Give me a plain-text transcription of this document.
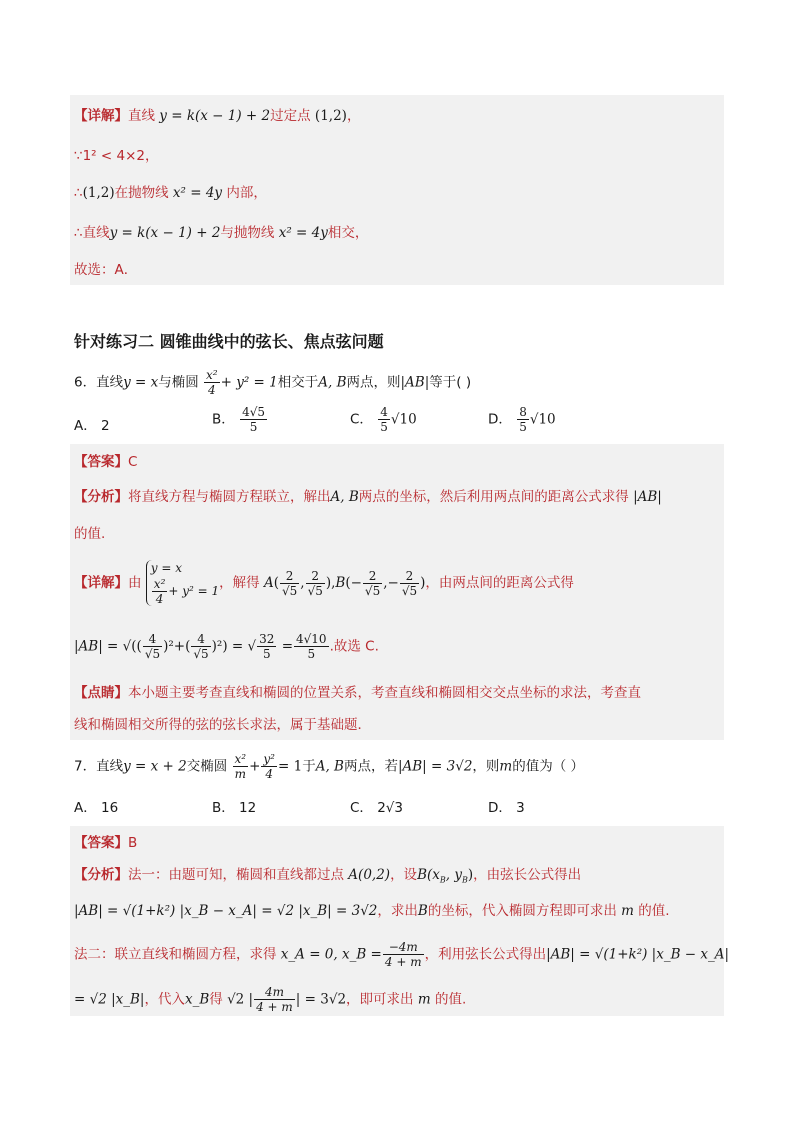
【详解】直线 y = k(x − 1) + 2过定点 (1,2)，
∵1² < 4×2，
∴(1,2)在抛物线 x² = 4y 内部，
∴直线y = k(x − 1) + 2与抛物线 x² = 4y相交，
故选：A．
针对练习二 圆锥曲线中的弦长、焦点弦问题
6．直线y = x与椭圆 $\frac{\text{x²}}{4} + y^2 = 1$相交于A, B两点，则|AB|等于( )
A． 2	B． $\frac{4√5}{5}$	C． $\frac{4}{5} √10$	D． $\frac{8}{5} √10$
【答案】C
【分析】将直线方程与椭圆方程联立，解出A, B两点的坐标，然后利用两点间的距离公式求得 |AB|
的值.
【详解】由
y = x
$\frac{\text{x²}}{4} + y^2 = 1$ ，解得 $A( \frac{2}{√5}$ , $\frac{2}{√5} ),B(- \frac{2}{√5}$ ,− $\frac{2}{√5}$ )，由两点间的距离公式得
|AB| = √(( $\frac{4}{√5} )^2+( \frac{4}{√5} )^2$) = √ $\frac{32}{5} = \frac{4√10}{5}$ .故选 C.
【点睛】本小题主要考查直线和椭圆的位置关系，考查直线和椭圆相交交点坐标的求法，考查直
线和椭圆相交所得的弦的弦长求法，属于基础题．
7．直线y = x + 2交椭圆 $\frac{\text{x²}}{m} + \frac{\text{y²}}{4} = 1$于A, B两点，若|AB| = 3√2，则m的值为（ ）
A． 16	B． 12	C． 2√3	D． 3
【答案】B
【分析】法一：由题可知，椭圆和直线都过点 A(0,2)，设$B(x_B$, $y_B$)，由弦长公式得出
|AB| = √(1+k²) |x_B − x_A| = √2 |x_B| = 3√2，求出B的坐标，代入椭圆方程即可求出 m 的值.
法二：联立直线和椭圆方程，求得 x_A = 0, x_B = $\frac{-4m}{4 + m}$ ，利用弦长公式得出|AB| = √(1+k²) |x_B − x_A|
= √2 |x_B|，代入x_B得 √2 | $\frac{4m}{4 + m}$ | = 3√2，即可求出 m 的值.
